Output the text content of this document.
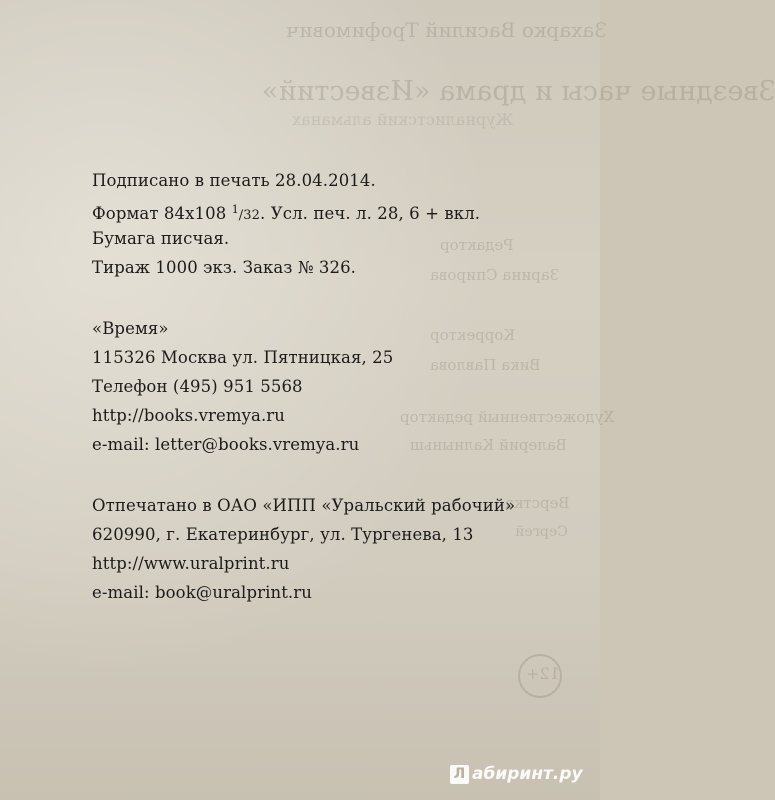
Захарко Василий Трофимович
Звездные часы и драма «Известий»
Журналистский альманах
Редактор
Зарина Спирова
Корректор
Вика Павлова
Художественный редактор
Валерий Калныньш
Верстка
Сергей
12+
Подписано в печать 28.04.2014.
Формат 84х108 $^1$/32. Усл. печ. л. 28, 6 + вкл.
Бумага писчая.
Тираж 1000 экз. Заказ № 326.
«Время»
115326 Москва ул. Пятницкая, 25
Телефон (495) 951 5568
http://books.vremya.ru
e-mail: letter@books.vremya.ru
Отпечатано в ОАО «ИПП «Уральский рабочий»
620990, г. Екатеринбург, ул. Тургенева, 13
http://www.uralprint.ru
e-mail: book@uralprint.ru
Л абиринт.ру
